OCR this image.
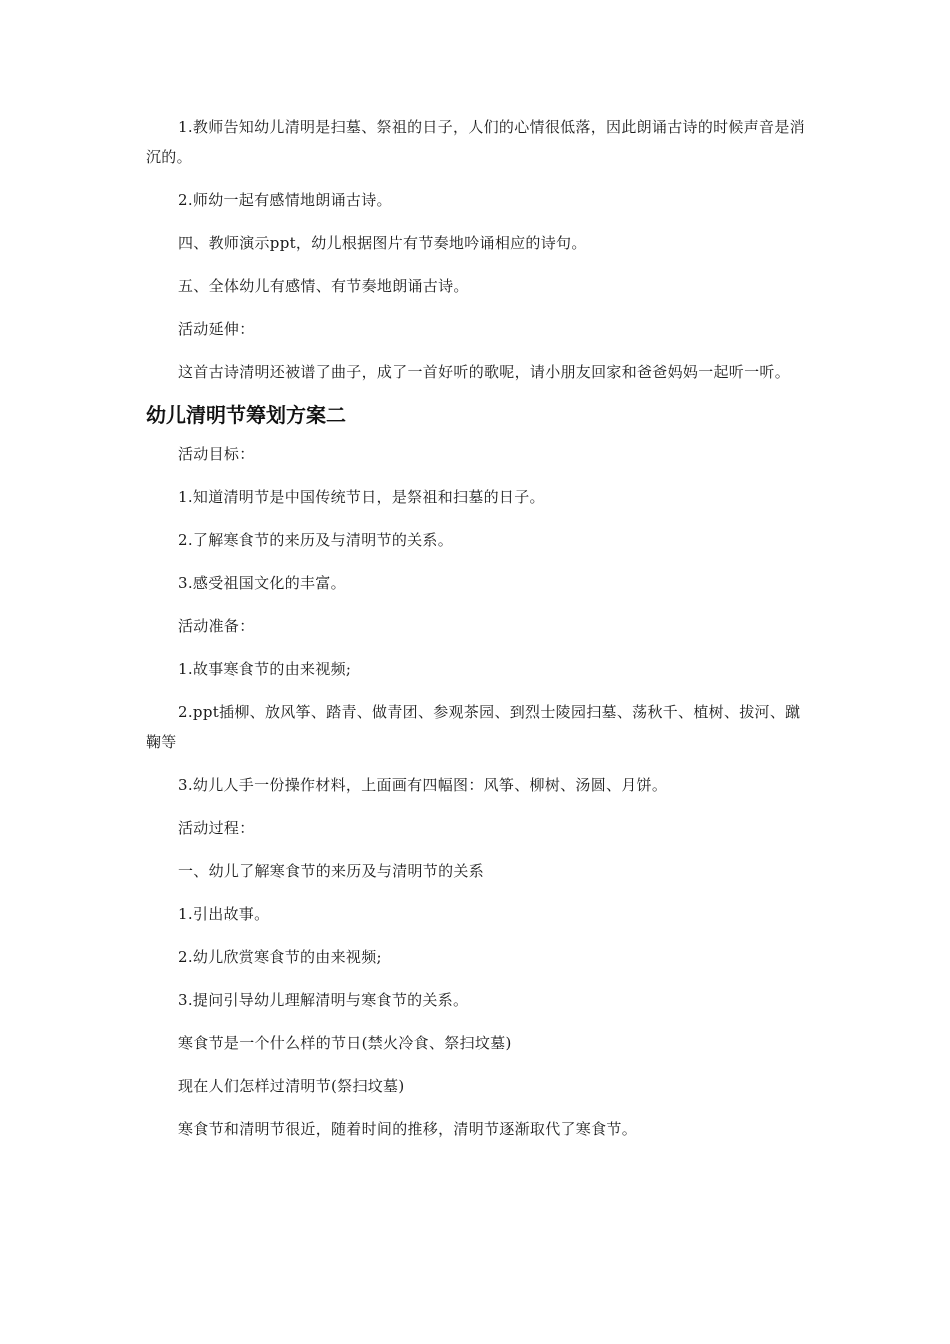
1.教师告知幼儿清明是扫墓、祭祖的日子，人们的心情很低落，因此朗诵古诗的时候声音是消沉的。

2.师幼一起有感情地朗诵古诗。

四、教师演示ppt，幼儿根据图片有节奏地吟诵相应的诗句。

五、全体幼儿有感情、有节奏地朗诵古诗。

活动延伸：

这首古诗清明还被谱了曲子，成了一首好听的歌呢，请小朋友回家和爸爸妈妈一起听一听。

幼儿清明节筹划方案二

活动目标：

1.知道清明节是中国传统节日，是祭祖和扫墓的日子。

2.了解寒食节的来历及与清明节的关系。

3.感受祖国文化的丰富。

活动准备：

1.故事寒食节的由来视频;

2.ppt插柳、放风筝、踏青、做青团、参观茶园、到烈士陵园扫墓、荡秋千、植树、拔河、蹴鞠等

3.幼儿人手一份操作材料，上面画有四幅图：风筝、柳树、汤圆、月饼。

活动过程：

一、幼儿了解寒食节的来历及与清明节的关系

1.引出故事。

2.幼儿欣赏寒食节的由来视频;

3.提问引导幼儿理解清明与寒食节的关系。

寒食节是一个什么样的节日(禁火冷食、祭扫坟墓)

现在人们怎样过清明节(祭扫坟墓)

寒食节和清明节很近，随着时间的推移，清明节逐渐取代了寒食节。
